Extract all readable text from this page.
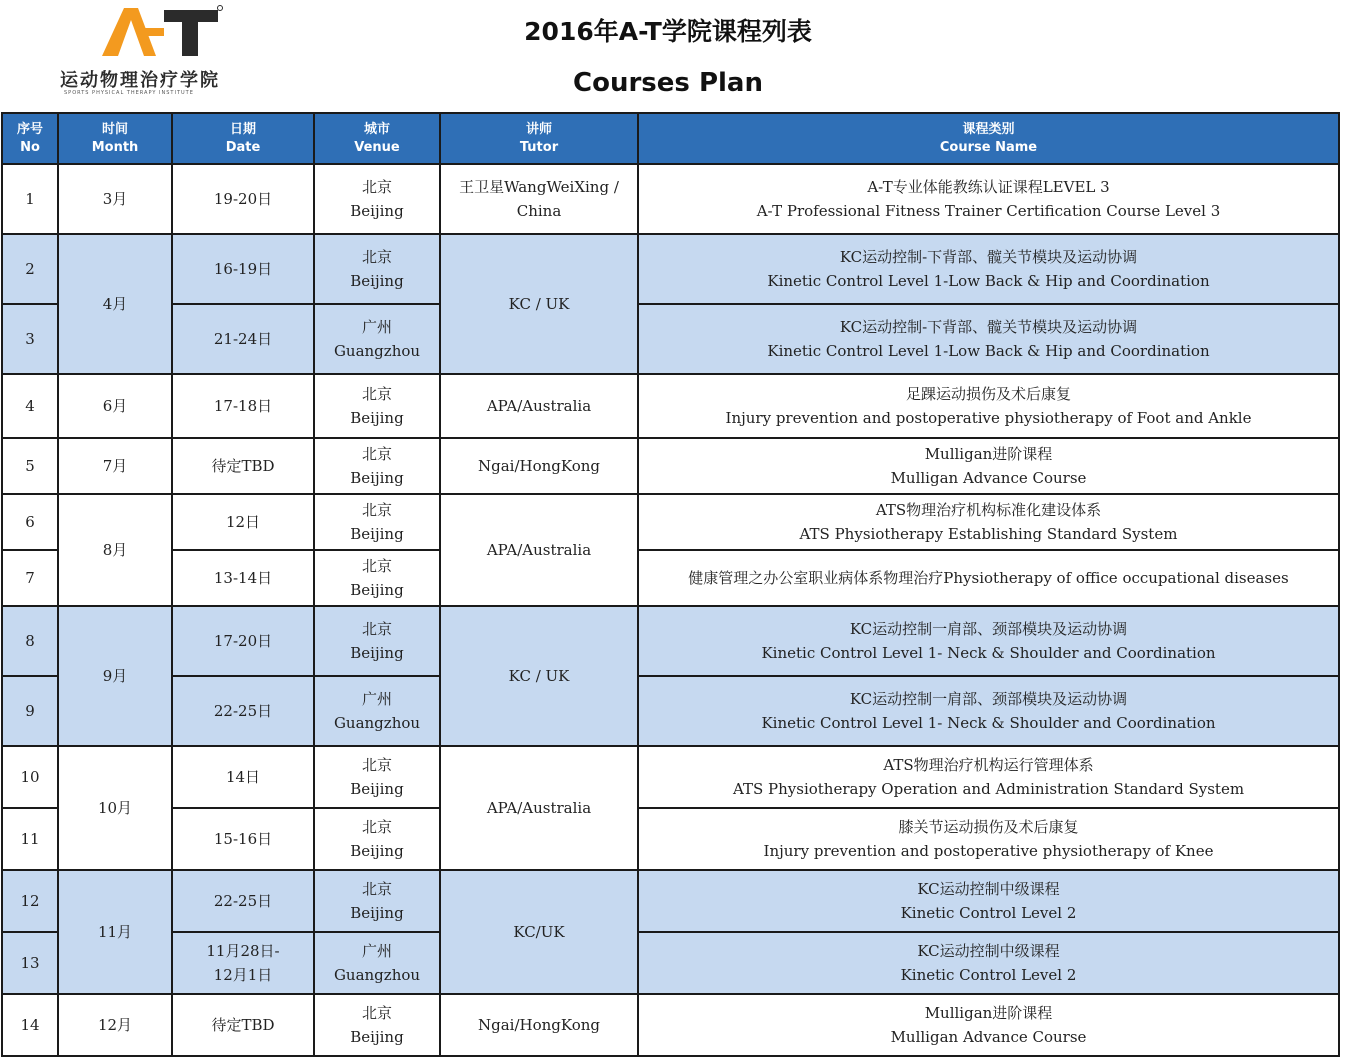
运动物理治疗学院
SPORTS PHYSICAL THERAPY INSTITUTE
2016年A-T学院课程列表
Courses Plan
序号
No	时间
Month	日期
Date	城市
Venue	讲师
Tutor	课程类别
Course Name

1	3月	19-20日	北京
Beijing	王卫星WangWeiXing / China	A-T专业体能教练认证课程LEVEL 3
A-T Professional Fitness Trainer Certification Course Level 3

2	4月	16-19日	北京
Beijing	KC / UK	KC运动控制-下背部、髋关节模块及运动协调
Kinetic Control Level 1-Low Back & Hip and Coordination

3		21-24日	广州
Guangzhou		KC运动控制-下背部、髋关节模块及运动协调
Kinetic Control Level 1-Low Back & Hip and Coordination

4	6月	17-18日	北京
Beijing	APA/Australia	足踝运动损伤及术后康复
Injury prevention and postoperative physiotherapy of Foot and Ankle

5	7月	待定TBD	北京
Beijing	Ngai/HongKong	Mulligan进阶课程
Mulligan Advance Course

6	8月	12日	北京
Beijing	APA/Australia	ATS物理治疗机构标准化建设体系
ATS Physiotherapy Establishing Standard System

7		13-14日	北京
Beijing		健康管理之办公室职业病体系物理治疗Physiotherapy of office occupational diseases

8	9月	17-20日	北京
Beijing	KC / UK	KC运动控制一肩部、颈部模块及运动协调
Kinetic Control Level 1- Neck & Shoulder and Coordination

9		22-25日	广州
Guangzhou		KC运动控制一肩部、颈部模块及运动协调
Kinetic Control Level 1- Neck & Shoulder and Coordination

10	10月	14日	北京
Beijing	APA/Australia	ATS物理治疗机构运行管理体系
ATS Physiotherapy Operation and Administration Standard System

11		15-16日	北京
Beijing		膝关节运动损伤及术后康复
Injury prevention and postoperative physiotherapy of Knee

12	11月	22-25日	北京
Beijing	KC/UK	KC运动控制中级课程
Kinetic Control Level 2

13		11月28日-
12月1日	广州
Guangzhou		KC运动控制中级课程
Kinetic Control Level 2

14	12月	待定TBD	北京
Beijing	Ngai/HongKong	Mulligan进阶课程
Mulligan Advance Course
